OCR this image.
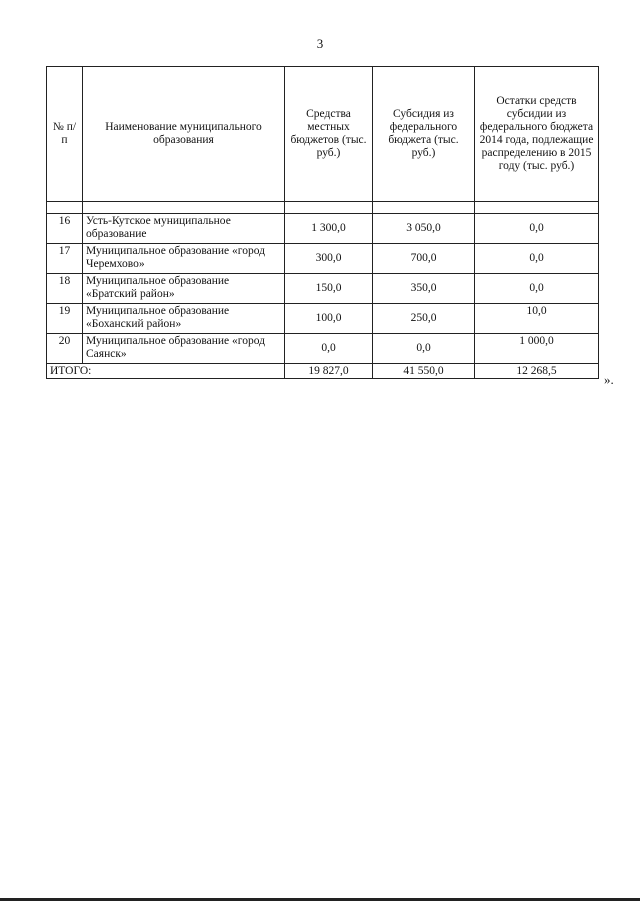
3
№ п/п	Наименование муниципального образования	Средства местных бюджетов (тыс. руб.)	Субсидия из федерального бюджета (тыс. руб.)	Остатки средств субсидии из федерального бюджета 2014 года, подлежащие распределению в 2015 году (тыс. руб.)

16	Усть-Кутское муниципальное образование	1 300,0	3 050,0	0,0
17	Муниципальное образование «город Черемхово»	300,0	700,0	0,0
18	Муниципальное образование «Братский район»	150,0	350,0	0,0
19	Муниципальное образование «Боханский район»	100,0	250,0	10,0
20	Муниципальное образование «город Саянск»	0,0	0,0	1 000,0
ИТОГО:		19 827,0	41 550,0	12 268,5
».
